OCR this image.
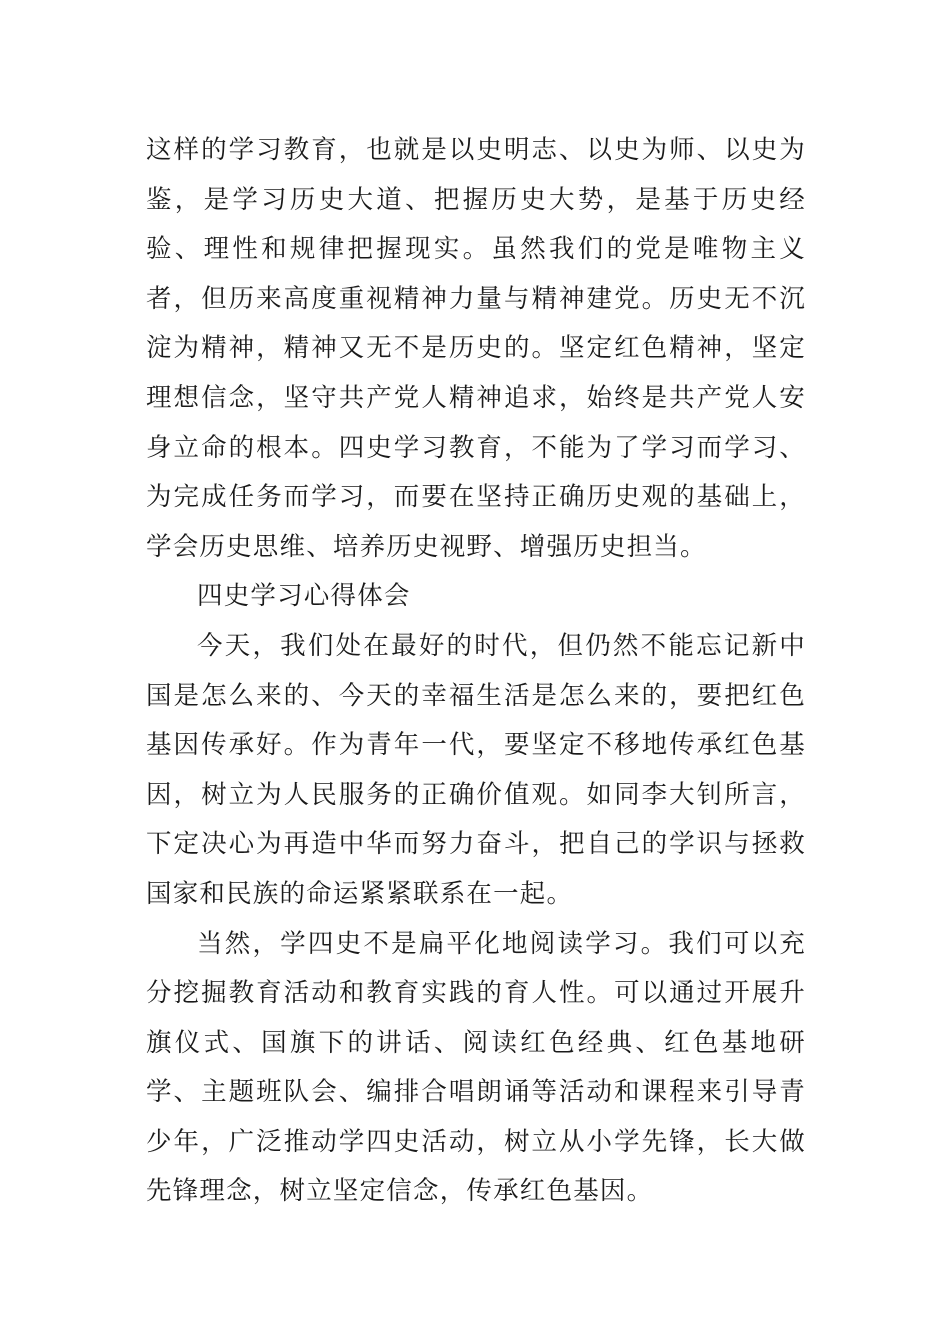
这样的学习教育，也就是以史明志、以史为师、以史为鉴，是学习历史大道、把握历史大势，是基于历史经验、理性和规律把握现实。虽然我们的党是唯物主义者，但历来高度重视精神力量与精神建党。历史无不沉淀为精神，精神又无不是历史的。坚定红色精神，坚定理想信念，坚守共产党人精神追求，始终是共产党人安身立命的根本。四史学习教育，不能为了学习而学习、为完成任务而学习，而要在坚持正确历史观的基础上，学会历史思维、培养历史视野、增强历史担当。

四史学习心得体会

今天，我们处在最好的时代，但仍然不能忘记新中国是怎么来的、今天的幸福生活是怎么来的，要把红色基因传承好。作为青年一代，要坚定不移地传承红色基因，树立为人民服务的正确价值观。如同李大钊所言，下定决心为再造中华而努力奋斗，把自己的学识与拯救国家和民族的命运紧紧联系在一起。

当然，学四史不是扁平化地阅读学习。我们可以充分挖掘教育活动和教育实践的育人性。可以通过开展升旗仪式、国旗下的讲话、阅读红色经典、红色基地研学、主题班队会、编排合唱朗诵等活动和课程来引导青少年，广泛推动学四史活动，树立从小学先锋，长大做先锋理念，树立坚定信念，传承红色基因。
